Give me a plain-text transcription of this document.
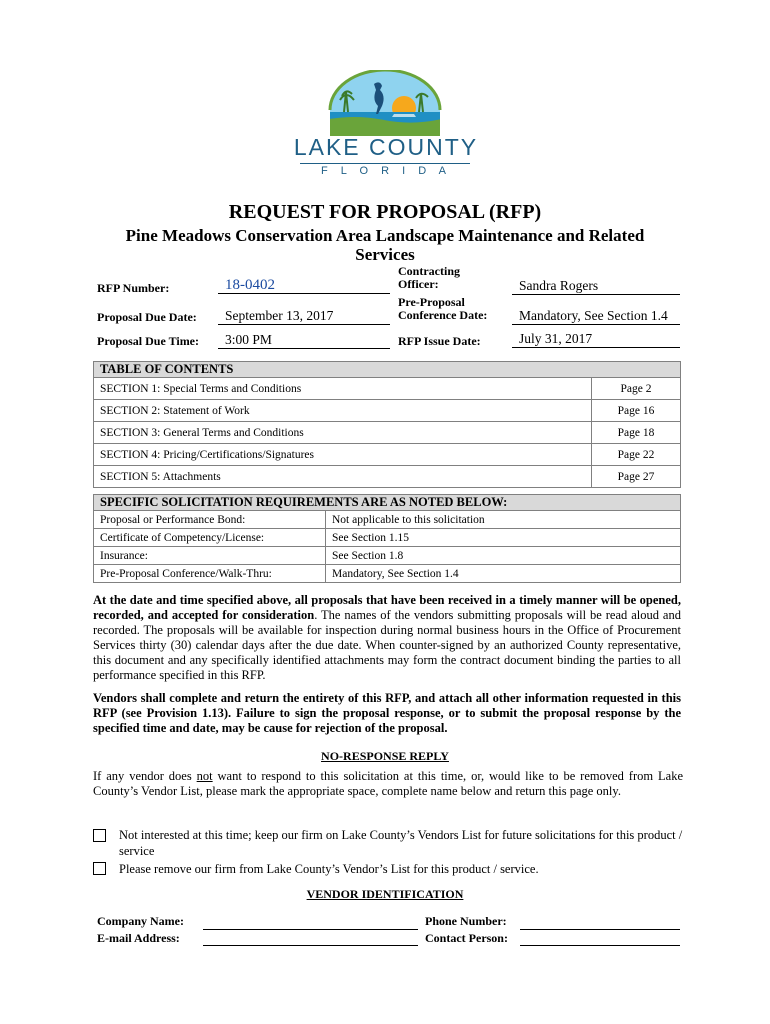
LAKE COUNTY
F L O R I D A
REQUEST FOR PROPOSAL (RFP)
Pine Meadows Conservation Area Landscape Maintenance and Related Services
RFP Number:	18-0402
Proposal Due Date:	September 13, 2017
Proposal Due Time:	3:00 PM
Contracting
Officer:	Sandra Rogers
Pre-Proposal
Conference Date:	Mandatory, See Section 1.4
RFP Issue Date:	July 31, 2017
TABLE OF CONTENTS	
SECTION 1: Special Terms and Conditions	Page 2
SECTION 2: Statement of Work	Page 16
SECTION 3: General Terms and Conditions	Page 18
SECTION 4: Pricing/Certifications/Signatures	Page 22
SECTION 5: Attachments	Page 27
SPECIFIC SOLICITATION REQUIREMENTS ARE AS NOTED BELOW:	
Proposal or Performance Bond:	Not applicable to this solicitation
Certificate of Competency/License:	See Section 1.15
Insurance:	See Section 1.8
Pre-Proposal Conference/Walk-Thru:	Mandatory, See Section 1.4
At the date and time specified above, all proposals that have been received in a timely manner will be opened, recorded, and accepted for consideration. The names of the vendors submitting proposals will be read aloud and recorded. The proposals will be available for inspection during normal business hours in the Office of Procurement Services thirty (30) calendar days after the due date. When counter-signed by an authorized County representative, this document and any specifically identified attachments may form the contract document binding the parties to all performance specified in this RFP.
Vendors shall complete and return the entirety of this RFP, and attach all other information requested in this RFP (see Provision 1.13). Failure to sign the proposal response, or to submit the proposal response by the specified time and date, may be cause for rejection of the proposal.
NO-RESPONSE REPLY
If any vendor does not want to respond to this solicitation at this time, or, would like to be removed from Lake County’s Vendor List, please mark the appropriate space, complete name below and return this page only.
Not interested at this time; keep our firm on Lake County’s Vendors List for future solicitations for this product / service
Please remove our firm from Lake County’s Vendor’s List for this product / service.
VENDOR IDENTIFICATION
Company Name:
E-mail Address:
Phone Number:
Contact Person:
